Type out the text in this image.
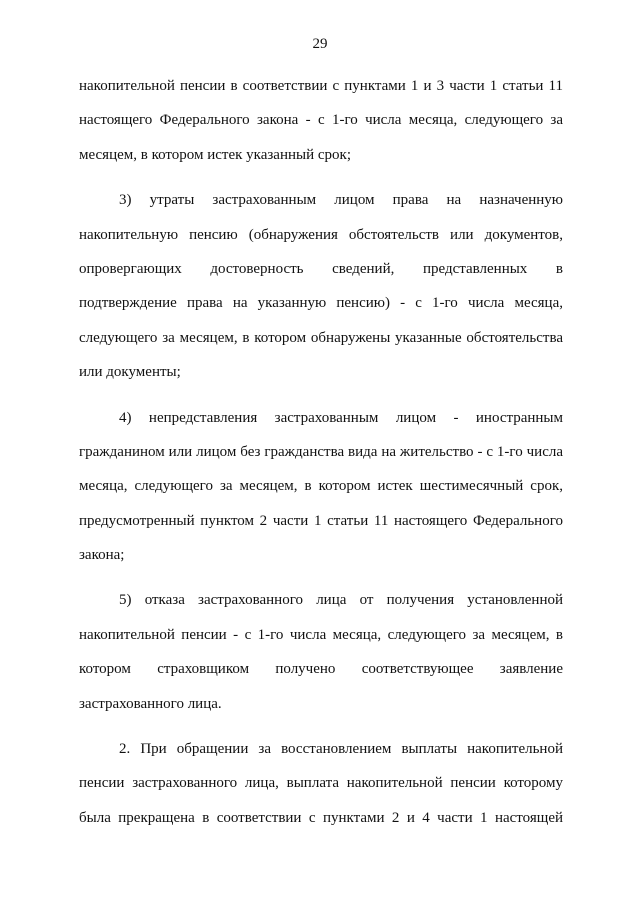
29
накопительной пенсии в соответствии с пунктами 1 и 3 части 1 статьи 11
настоящего Федерального закона - с 1-го числа месяца, следующего за
месяцем, в котором истек указанный срок;
3) утраты застрахованным лицом права на назначенную
накопительную пенсию (обнаружения обстоятельств или документов,
опровергающих достоверность сведений, представленных в
подтверждение права на указанную пенсию) - с 1-го числа месяца,
следующего за месяцем, в котором обнаружены указанные обстоятельства
или документы;
4) непредставления застрахованным лицом - иностранным
гражданином или лицом без гражданства вида на жительство - с 1-го числа
месяца, следующего за месяцем, в котором истек шестимесячный срок,
предусмотренный пунктом 2 части 1 статьи 11 настоящего Федерального
закона;
5) отказа застрахованного лица от получения установленной
накопительной пенсии - с 1-го числа месяца, следующего за месяцем, в
котором страховщиком получено соответствующее заявление
застрахованного лица.
2. При обращении за восстановлением выплаты накопительной
пенсии застрахованного лица, выплата накопительной пенсии которому
была прекращена в соответствии с пунктами 2 и 4 части 1 настоящей
